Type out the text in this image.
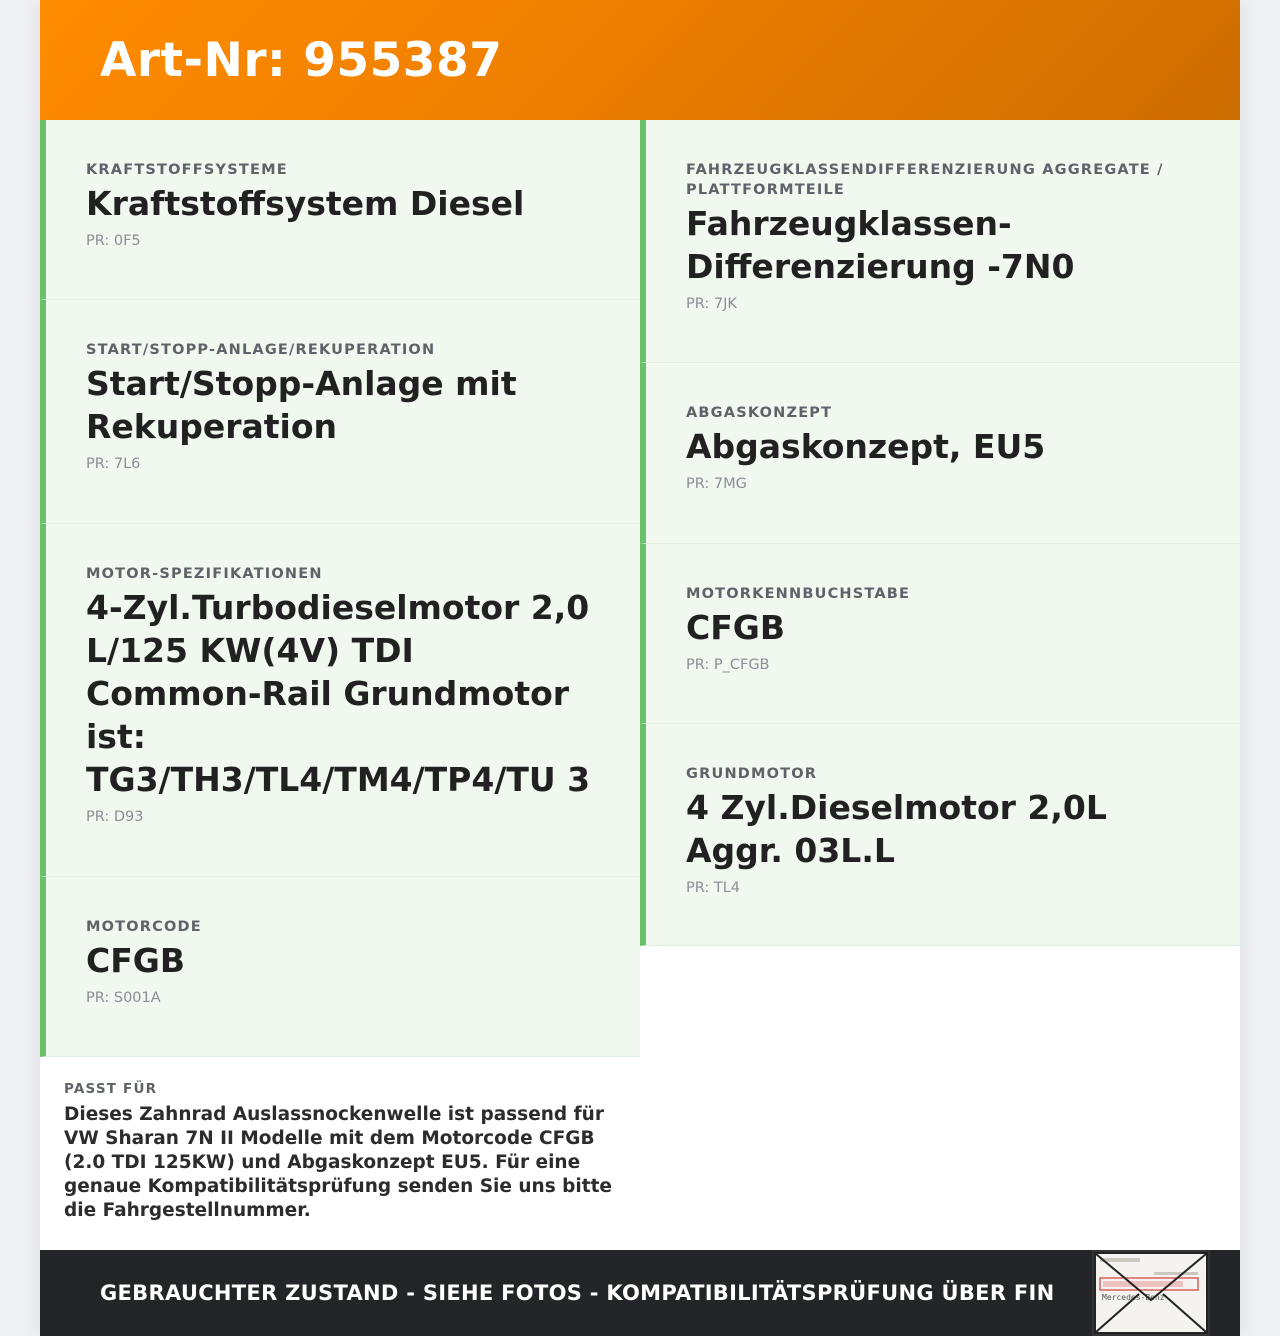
Art-Nr: 955387
KRAFTSTOFFSYSTEME
Kraftstoffsystem Diesel
PR: 0F5
START/STOPP-ANLAGE/REKUPERATION
Start/Stopp-Anlage mit Rekuperation
PR: 7L6
MOTOR-SPEZIFIKATIONEN
4-Zyl.Turbodieselmotor 2,0 L/125 KW(4V) TDI Common-Rail Grundmotor ist: TG3/TH3/TL4/TM4/TP4/TU 3
PR: D93
MOTORCODE
CFGB
PR: S001A
PASST FÜR
Dieses Zahnrad Auslassnockenwelle ist passend für VW Sharan 7N II Modelle mit dem Motorcode CFGB (2.0 TDI 125KW) und Abgaskonzept EU5. Für eine genaue Kompatibilitätsprüfung senden Sie uns bitte die Fahrgestellnummer.
FAHRZEUGKLASSENDIFFERENZIERUNG AGGREGATE / PLATTFORMTEILE
Fahrzeugklassen-Differenzierung -7N0
PR: 7JK
ABGASKONZEPT
Abgaskonzept, EU5
PR: 7MG
MOTORKENNBUCHSTABE
CFGB
PR: P_CFGB
GRUNDMOTOR
4 Zyl.Dieselmotor 2,0L Aggr. 03L.L
PR: TL4
GEBRAUCHTER ZUSTAND - SIEHE FOTOS - KOMPATIBILITÄTSPRÜFUNG ÜBER FIN	Mercedes-Benz
